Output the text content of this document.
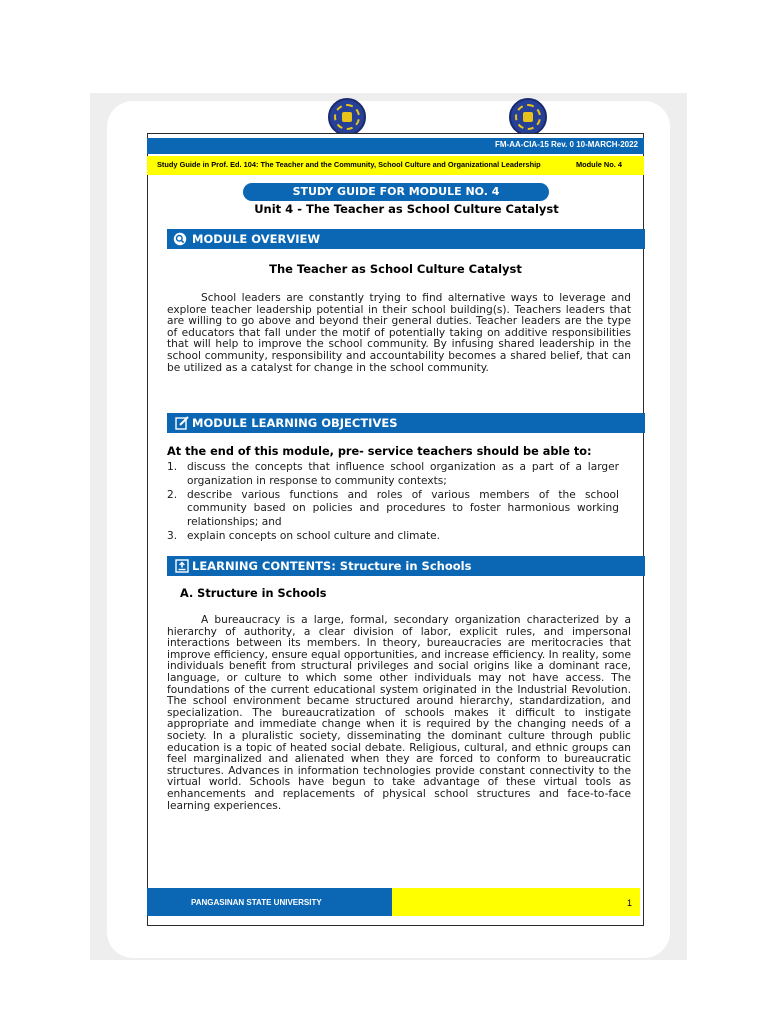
FM-AA-CIA-15 Rev. 0 10-MARCH-2022
Study Guide in Prof. Ed. 104: The Teacher and the Community, School Culture and Organizational Leadership	Module No. 4
STUDY GUIDE FOR MODULE NO. 4
Unit 4 - The Teacher as School Culture Catalyst
MODULE OVERVIEW
The Teacher as School Culture Catalyst

School leaders are constantly trying to find alternative ways to leverage and explore teacher leadership potential in their school building(s). Teachers leaders that are willing to go above and beyond their general duties. Teacher leaders are the type of educators that fall under the motif of potentially taking on additive responsibilities that will help to improve the school community. By infusing shared leadership in the school community, responsibility and accountability becomes a shared belief, that can be utilized as a catalyst for change in the school community.

MODULE LEARNING OBJECTIVES
At the end of this module, pre- service teachers should be able to:
1. discuss the concepts that influence school organization as a part of a larger organization in response to community contexts;
2. describe various functions and roles of various members of the school community based on policies and procedures to foster harmonious working relationships; and
3. explain concepts on school culture and climate.
LEARNING CONTENTS: Structure in Schools
A. Structure in Schools

A bureaucracy is a large, formal, secondary organization characterized by a hierarchy of authority, a clear division of labor, explicit rules, and impersonal interactions between its members. In theory, bureaucracies are meritocracies that improve efficiency, ensure equal opportunities, and increase efficiency. In reality, some individuals benefit from structural privileges and social origins like a dominant race, language, or culture to which some other individuals may not have access. The foundations of the current educational system originated in the Industrial Revolution. The school environment became structured around hierarchy, standardization, and specialization. The bureaucratization of schools makes it difficult to instigate appropriate and immediate change when it is required by the changing needs of a society. In a pluralistic society, disseminating the dominant culture through public education is a topic of heated social debate. Religious, cultural, and ethnic groups can feel marginalized and alienated when they are forced to conform to bureaucratic structures. Advances in information technologies provide constant connectivity to the virtual world. Schools have begun to take advantage of these virtual tools as enhancements and replacements of physical school structures and face-to-face learning experiences.

PANGASINAN STATE UNIVERSITY	1
